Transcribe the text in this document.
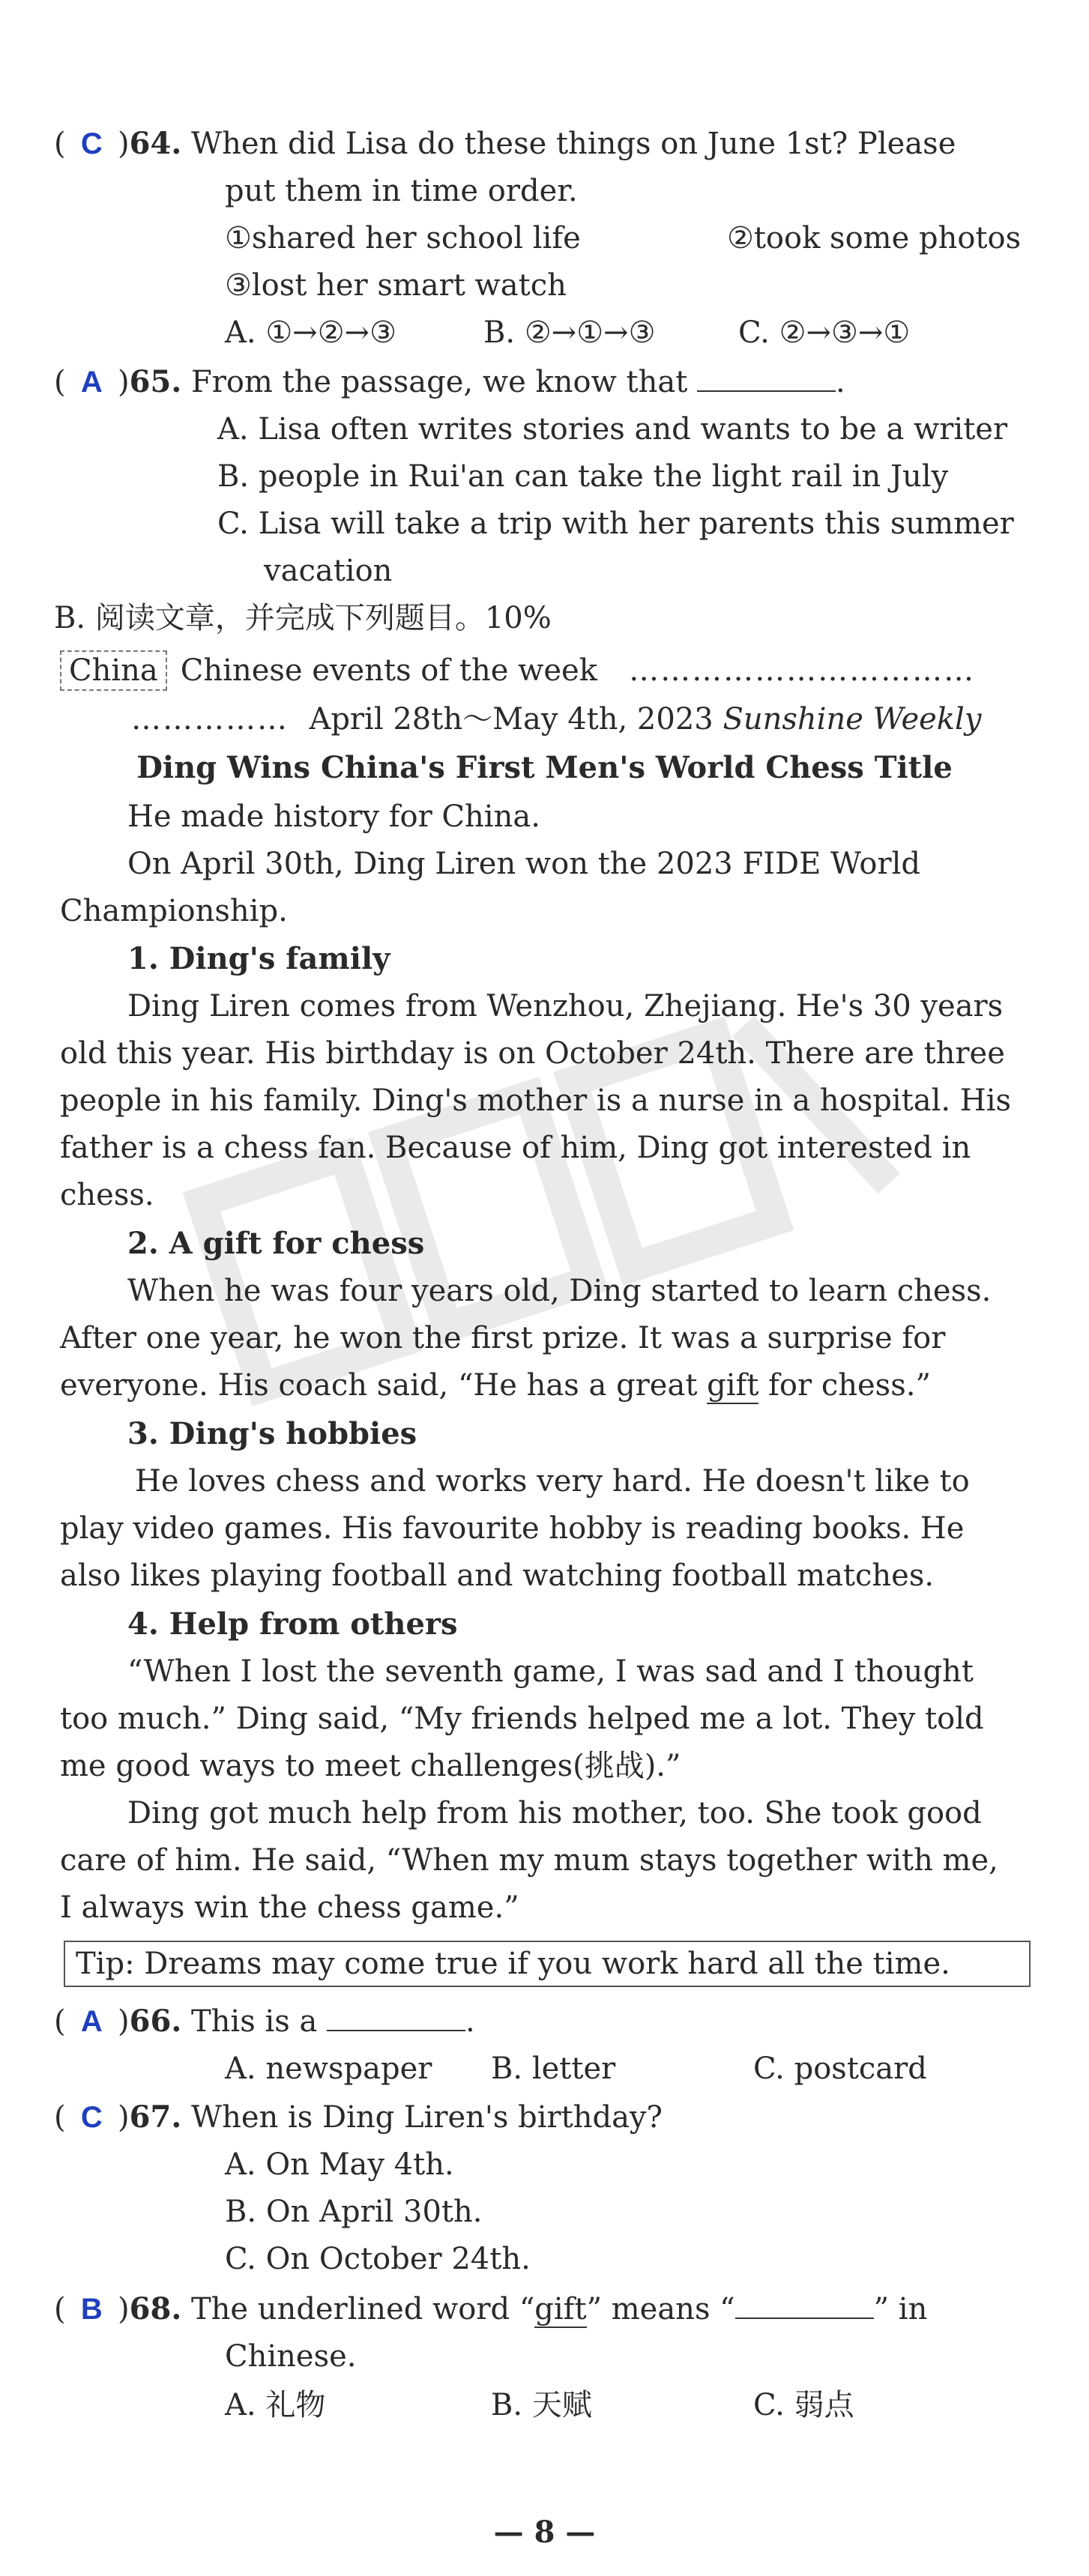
( C )64. When did Lisa do these things on June 1st? Please
put them in time order.
①shared her school life	②took some photos
③lost her smart watch
A. ①→②→③	B. ②→①→③	C. ②→③→①
( A )65. From the passage, we know that	.
A. Lisa often writes stories and wants to be a writer
B. people in Rui'an can take the light rail in July
C. Lisa will take a trip with her parents this summer
vacation
B. 阅读文章，并完成下列题目。10%
China Chinese events of the week   ……………………………
……………  April 28th～May 4th, 2023 Sunshine Weekly
Ding Wins China's First Men's World Chess Title
He made history for China.
On April 30th, Ding Liren won the 2023 FIDE World
Championship.
1. Ding's family
Ding Liren comes from Wenzhou, Zhejiang. He's 30 years
old this year. His birthday is on October 24th. There are three
people in his family. Ding's mother is a nurse in a hospital. His
father is a chess fan. Because of him, Ding got interested in
chess.
2. A gift for chess
When he was four years old, Ding started to learn chess.
After one year, he won the first prize. It was a surprise for
everyone. His coach said, “He has a great gift for chess.”
3. Ding's hobbies
He loves chess and works very hard. He doesn't like to
play video games. His favourite hobby is reading books. He
also likes playing football and watching football matches.
4. Help from others
“When I lost the seventh game, I was sad and I thought
too much.” Ding said, “My friends helped me a lot. They told
me good ways to meet challenges(挑战).”
Ding got much help from his mother, too. She took good
care of him. He said, “When my mum stays together with me,
I always win the chess game.”
Tip: Dreams may come true if you work hard all the time.
( A )66. This is a	.
A. newspaper B. letter	C. postcard
( C )67. When is Ding Liren's birthday?
A. On May 4th.
B. On April 30th.
C. On October 24th.
( B )68. The underlined word “gift” means “	” in
Chinese.
A. 礼物	B. 天赋	C. 弱点
— 8 —
